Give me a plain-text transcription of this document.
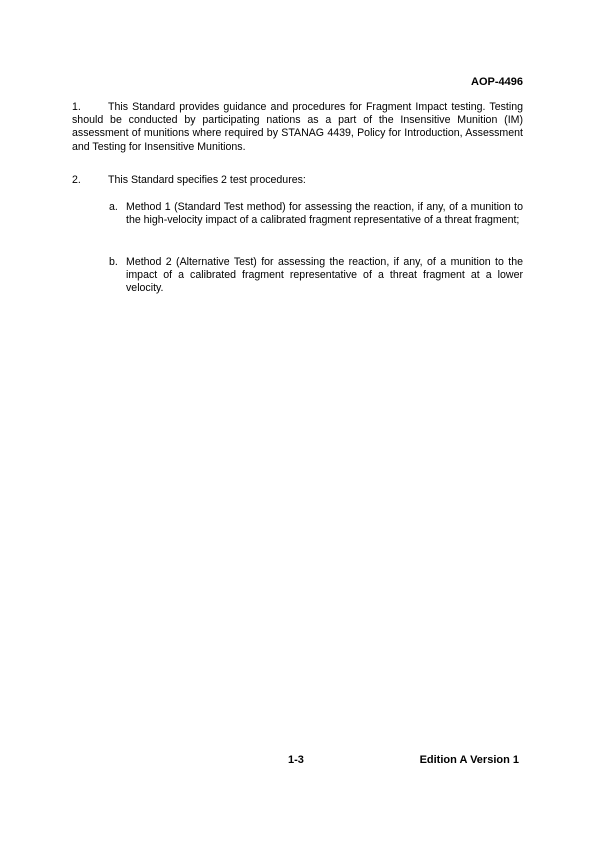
AOP-4496
1.	This Standard provides guidance and procedures for Fragment Impact testing. Testing should be conducted by participating nations as a part of the Insensitive Munition (IM) assessment of munitions where required by STANAG 4439, Policy for Introduction, Assessment and Testing for Insensitive Munitions.
2.	This Standard specifies 2 test procedures:
a. Method 1 (Standard Test method) for assessing the reaction, if any, of a munition to the high-velocity impact of a calibrated fragment representative of a threat fragment;
b. Method 2 (Alternative Test) for assessing the reaction, if any, of a munition to the impact of a calibrated fragment representative of a threat fragment at a lower velocity.
1-3	Edition A Version 1
